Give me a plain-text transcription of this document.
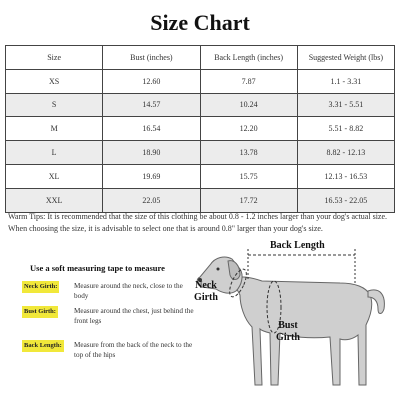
Size Chart
Size	Bust (inches)	Back Length (inches)	Suggested Weight (lbs)
XS	12.60	7.87	1.1 - 3.31
S	14.57	10.24	3.31 - 5.51
M	16.54	12.20	5.51 - 8.82
L	18.90	13.78	8.82 - 12.13
XL	19.69	15.75	12.13 - 16.53
XXL	22.05	17.72	16.53 - 22.05
Warm Tips: It is recommended that the size of this clothing be about 0.8 - 1.2 inches larger than your dog's actual size. When choosing the size, it is advisable to select one that is around 0.8" larger than your dog's size.
Use a soft measuring tape to measure
Neck Girth: Measure around the neck, close to the body
Bust Girth:	Measure around the chest, just behind the front legs
Back Length: Measure from the back of the neck to the top of the hips
Back Length
Neck Girth
Bust Girth
